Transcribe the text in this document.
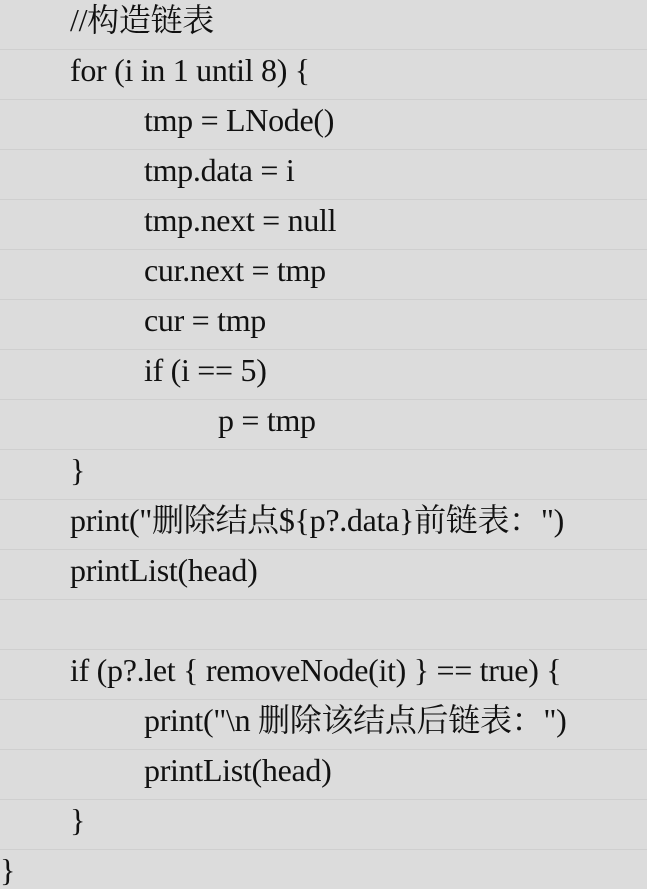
//构造链表
for (i in 1 until 8) {
tmp = LNode()
tmp.data = i
tmp.next = null
cur.next = tmp
cur = tmp
if (i == 5)
p = tmp
}
print("删除结点${p?.data}前链表：")
printList(head)
if (p?.let { removeNode(it) } == true) {
print("\n 删除该结点后链表：")
printList(head)
}
}
